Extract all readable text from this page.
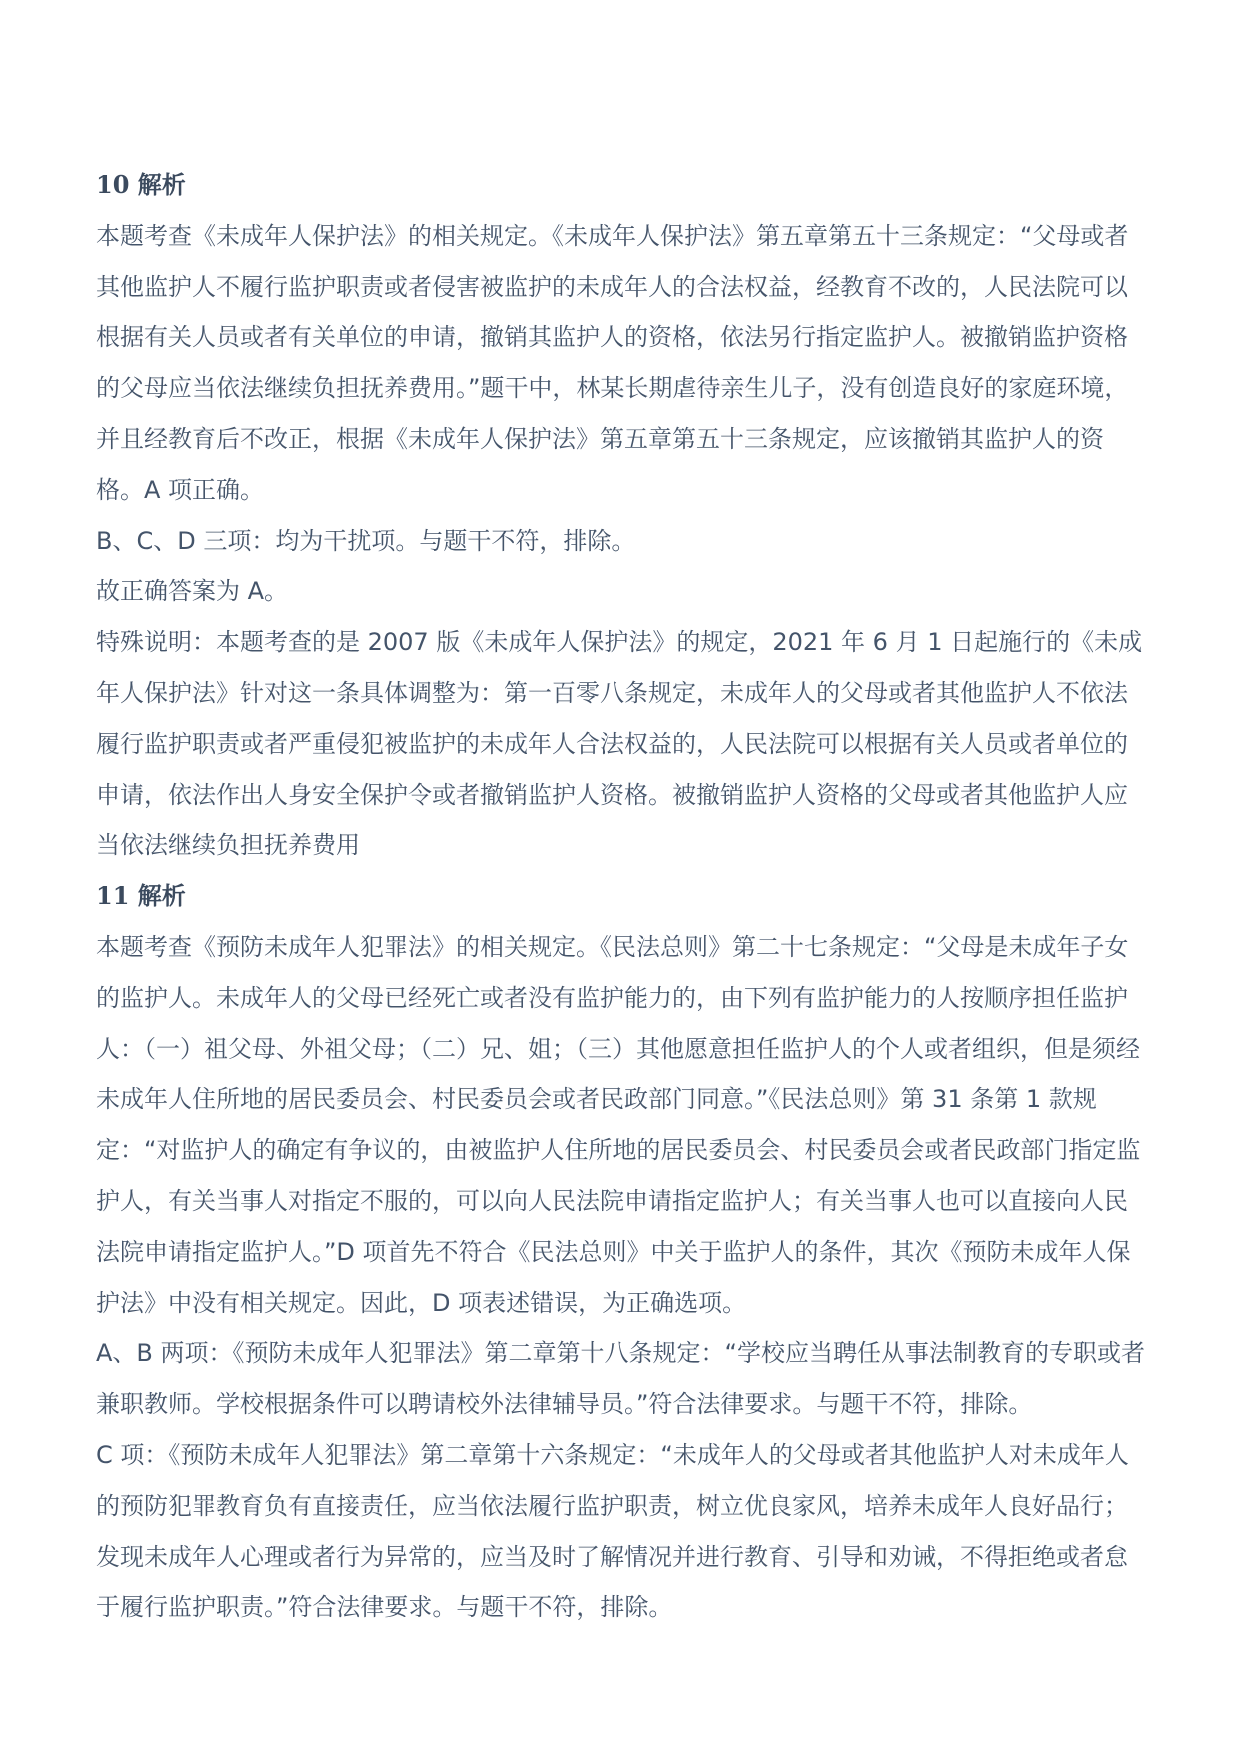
10 解析

本题考查《未成年人保护法》的相关规定。《未成年人保护法》第五章第五十三条规定：“父母或者其他监护人不履行监护职责或者侵害被监护的未成年人的合法权益，经教育不改的，人民法院可以根据有关人员或者有关单位的申请，撤销其监护人的资格，依法另行指定监护人。被撤销监护资格的父母应当依法继续负担抚养费用。”题干中，林某长期虐待亲生儿子，没有创造良好的家庭环境，并且经教育后不改正，根据《未成年人保护法》第五章第五十三条规定，应该撤销其监护人的资格。A 项正确。

B、C、D 三项：均为干扰项。与题干不符，排除。

故正确答案为 A。

特殊说明：本题考查的是 2007 版《未成年人保护法》的规定，2021 年 6 月 1 日起施行的《未成年人保护法》针对这一条具体调整为：第一百零八条规定，未成年人的父母或者其他监护人不依法履行监护职责或者严重侵犯被监护的未成年人合法权益的，人民法院可以根据有关人员或者单位的申请，依法作出人身安全保护令或者撤销监护人资格。被撤销监护人资格的父母或者其他监护人应当依法继续负担抚养费用

11 解析

本题考查《预防未成年人犯罪法》的相关规定。《民法总则》第二十七条规定：“父母是未成年子女的监护人。未成年人的父母已经死亡或者没有监护能力的，由下列有监护能力的人按顺序担任监护人：（一）祖父母、外祖父母；（二）兄、姐；（三）其他愿意担任监护人的个人或者组织，但是须经未成年人住所地的居民委员会、村民委员会或者民政部门同意。”《民法总则》第 31 条第 1 款规定：“对监护人的确定有争议的，由被监护人住所地的居民委员会、村民委员会或者民政部门指定监护人，有关当事人对指定不服的，可以向人民法院申请指定监护人；有关当事人也可以直接向人民法院申请指定监护人。”D 项首先不符合《民法总则》中关于监护人的条件，其次《预防未成年人保护法》中没有相关规定。因此，D 项表述错误，为正确选项。

A、B 两项：《预防未成年人犯罪法》第二章第十八条规定：“学校应当聘任从事法制教育的专职或者兼职教师。学校根据条件可以聘请校外法律辅导员。”符合法律要求。与题干不符，排除。

C 项：《预防未成年人犯罪法》第二章第十六条规定：“未成年人的父母或者其他监护人对未成年人的预防犯罪教育负有直接责任，应当依法履行监护职责，树立优良家风，培养未成年人良好品行；发现未成年人心理或者行为异常的，应当及时了解情况并进行教育、引导和劝诫，不得拒绝或者怠于履行监护职责。”符合法律要求。与题干不符，排除。
